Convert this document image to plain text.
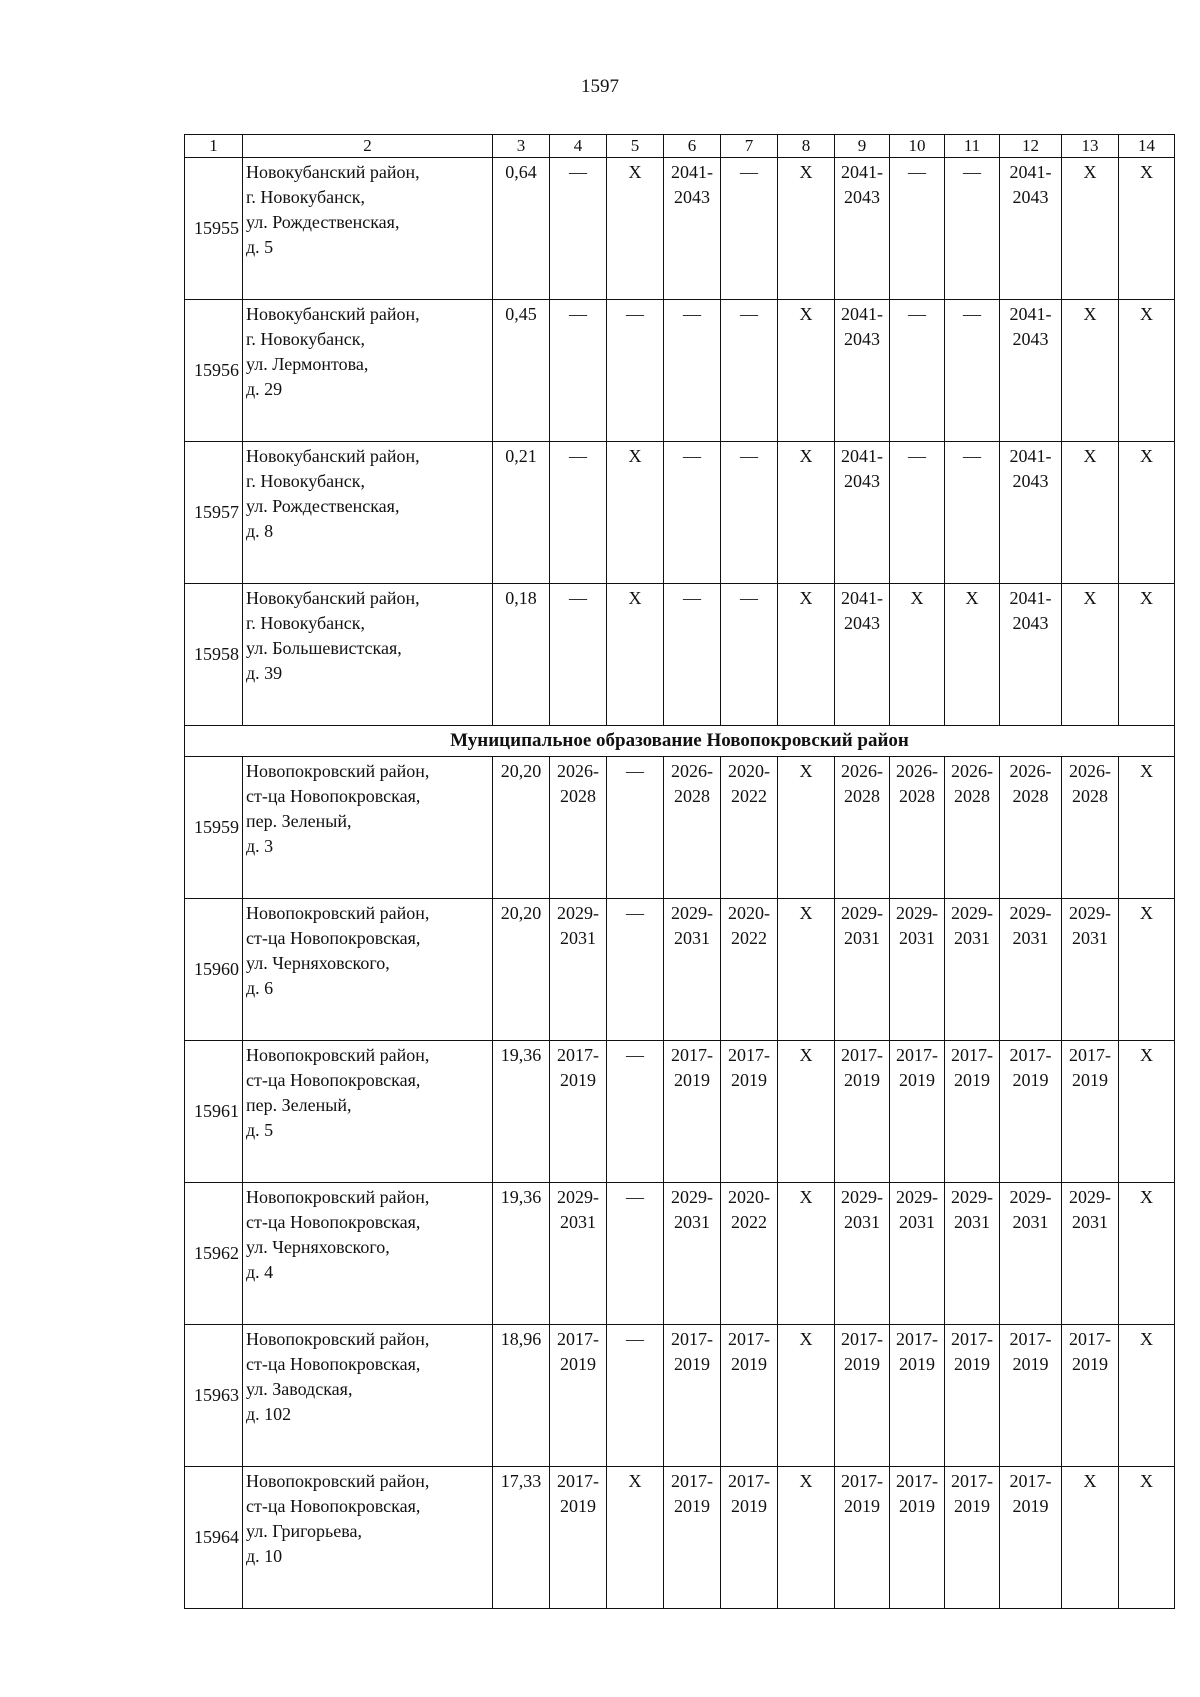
1597
1	2	3	4	5	6	7	8	9	10	11	12	13	14
15955	Новокубанский район,
г. Новокубанск,
ул. Рождественская,
д. 5	0,64	—	X	2041-
2043	—	X	2041-
2043	—	—	2041-
2043	X	X

15956	Новокубанский район,
г. Новокубанск,
ул. Лермонтова,
д. 29	0,45	—	—	—	—	X	2041-
2043	—	—	2041-
2043	X	X

15957	Новокубанский район,
г. Новокубанск,
ул. Рождественская,
д. 8	0,21	—	X	—	—	X	2041-
2043	—	—	2041-
2043	X	X

15958	Новокубанский район,
г. Новокубанск,
ул. Большевистская,
д. 39	0,18	—	X	—	—	X	2041-
2043	X	X	2041-
2043	X	X

Муниципальное образование Новопокровский район													
15959	Новопокровский район,
ст-ца Новопокровская,
пер. Зеленый,
д. 3	20,20	2026-
2028	—	2026-
2028	2020-
2022	X	2026-
2028	2026-
2028	2026-
2028	2026-
2028	2026-
2028	X

15960	Новопокровский район,
ст-ца Новопокровская,
ул. Черняховского,
д. 6	20,20	2029-
2031	—	2029-
2031	2020-
2022	X	2029-
2031	2029-
2031	2029-
2031	2029-
2031	2029-
2031	X

15961	Новопокровский район,
ст-ца Новопокровская,
пер. Зеленый,
д. 5	19,36	2017-
2019	—	2017-
2019	2017-
2019	X	2017-
2019	2017-
2019	2017-
2019	2017-
2019	2017-
2019	X

15962	Новопокровский район,
ст-ца Новопокровская,
ул. Черняховского,
д. 4	19,36	2029-
2031	—	2029-
2031	2020-
2022	X	2029-
2031	2029-
2031	2029-
2031	2029-
2031	2029-
2031	X

15963	Новопокровский район,
ст-ца Новопокровская,
ул. Заводская,
д. 102	18,96	2017-
2019	—	2017-
2019	2017-
2019	X	2017-
2019	2017-
2019	2017-
2019	2017-
2019	2017-
2019	X

15964	Новопокровский район,
ст-ца Новопокровская,
ул. Григорьева,
д. 10	17,33	2017-
2019	X	2017-
2019	2017-
2019	X	2017-
2019	2017-
2019	2017-
2019	2017-
2019	X	X
